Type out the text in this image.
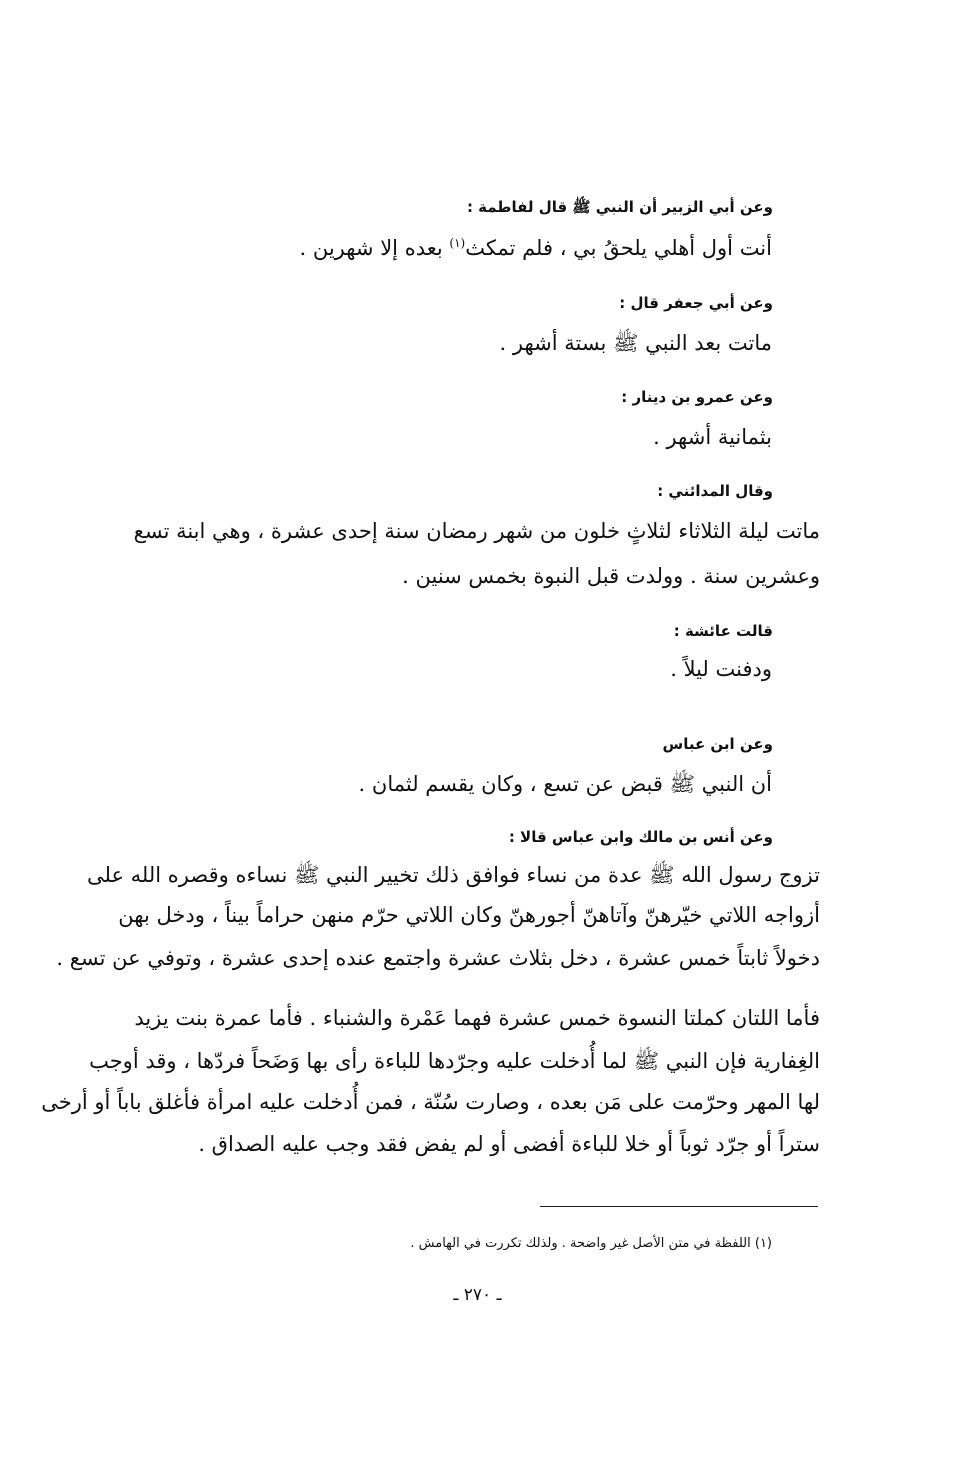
وعن أبي الزبير أن النبي ﷺ قال لفاطمة :
أنت أول أهلي يلحقُ بي ، فلم تمكث$^{(١)}$ بعده إلا شهرين .
وعن أبي جعفر قال :
ماتت بعد النبي ﷺ بستة أشهر .
وعن عمرو بن دينار :
بثمانية أشهر .
وقال المدائني :
ماتت ليلة الثلاثاء لثلاثٍ خلون من شهر رمضان سنة إحدى عشرة ، وهي ابنة تسع
وعشرين سنة . وولدت قبل النبوة بخمس سنين .
قالت عائشة :
ودفنت ليلاً .
وعن ابن عباس
أن النبي ﷺ قبض عن تسع ، وكان يقسم لثمان .
وعن أنس بن مالك وابن عباس قالا :
تزوج رسول الله ﷺ عدة من نساء فوافق ذلك تخيير النبي ﷺ نساءه وقصره الله على
أزواجه اللاتي خيّرهنّ وآتاهنّ أجورهنّ وكان اللاتي حرّم منهن حراماً بيناً ، ودخل بهن
دخولاً ثابتاً خمس عشرة ، دخل بثلاث عشرة واجتمع عنده إحدى عشرة ، وتوفي عن تسع .
فأما اللتان كملتا النسوة خمس عشرة فهما عَمْرة والشنباء . فأما عمرة بنت يزيد
الغِفارية فإن النبي ﷺ لما أُدخلت عليه وجرّدها للباءة رأى بها وَضَحاً فردّها ، وقد أوجب
لها المهر وحرّمت على مَن بعده ، وصارت سُنّة ، فمن أُدخلت عليه امرأة فأغلق باباً أو أرخى
ستراً أو جرّد ثوباً أو خلا للباءة أفضى أو لم يفض فقد وجب عليه الصداق .
(١) اللفظة في متن الأصل غير واضحة . ولذلك تكررت في الهامش .
ـ ٢٧٠ ـ
